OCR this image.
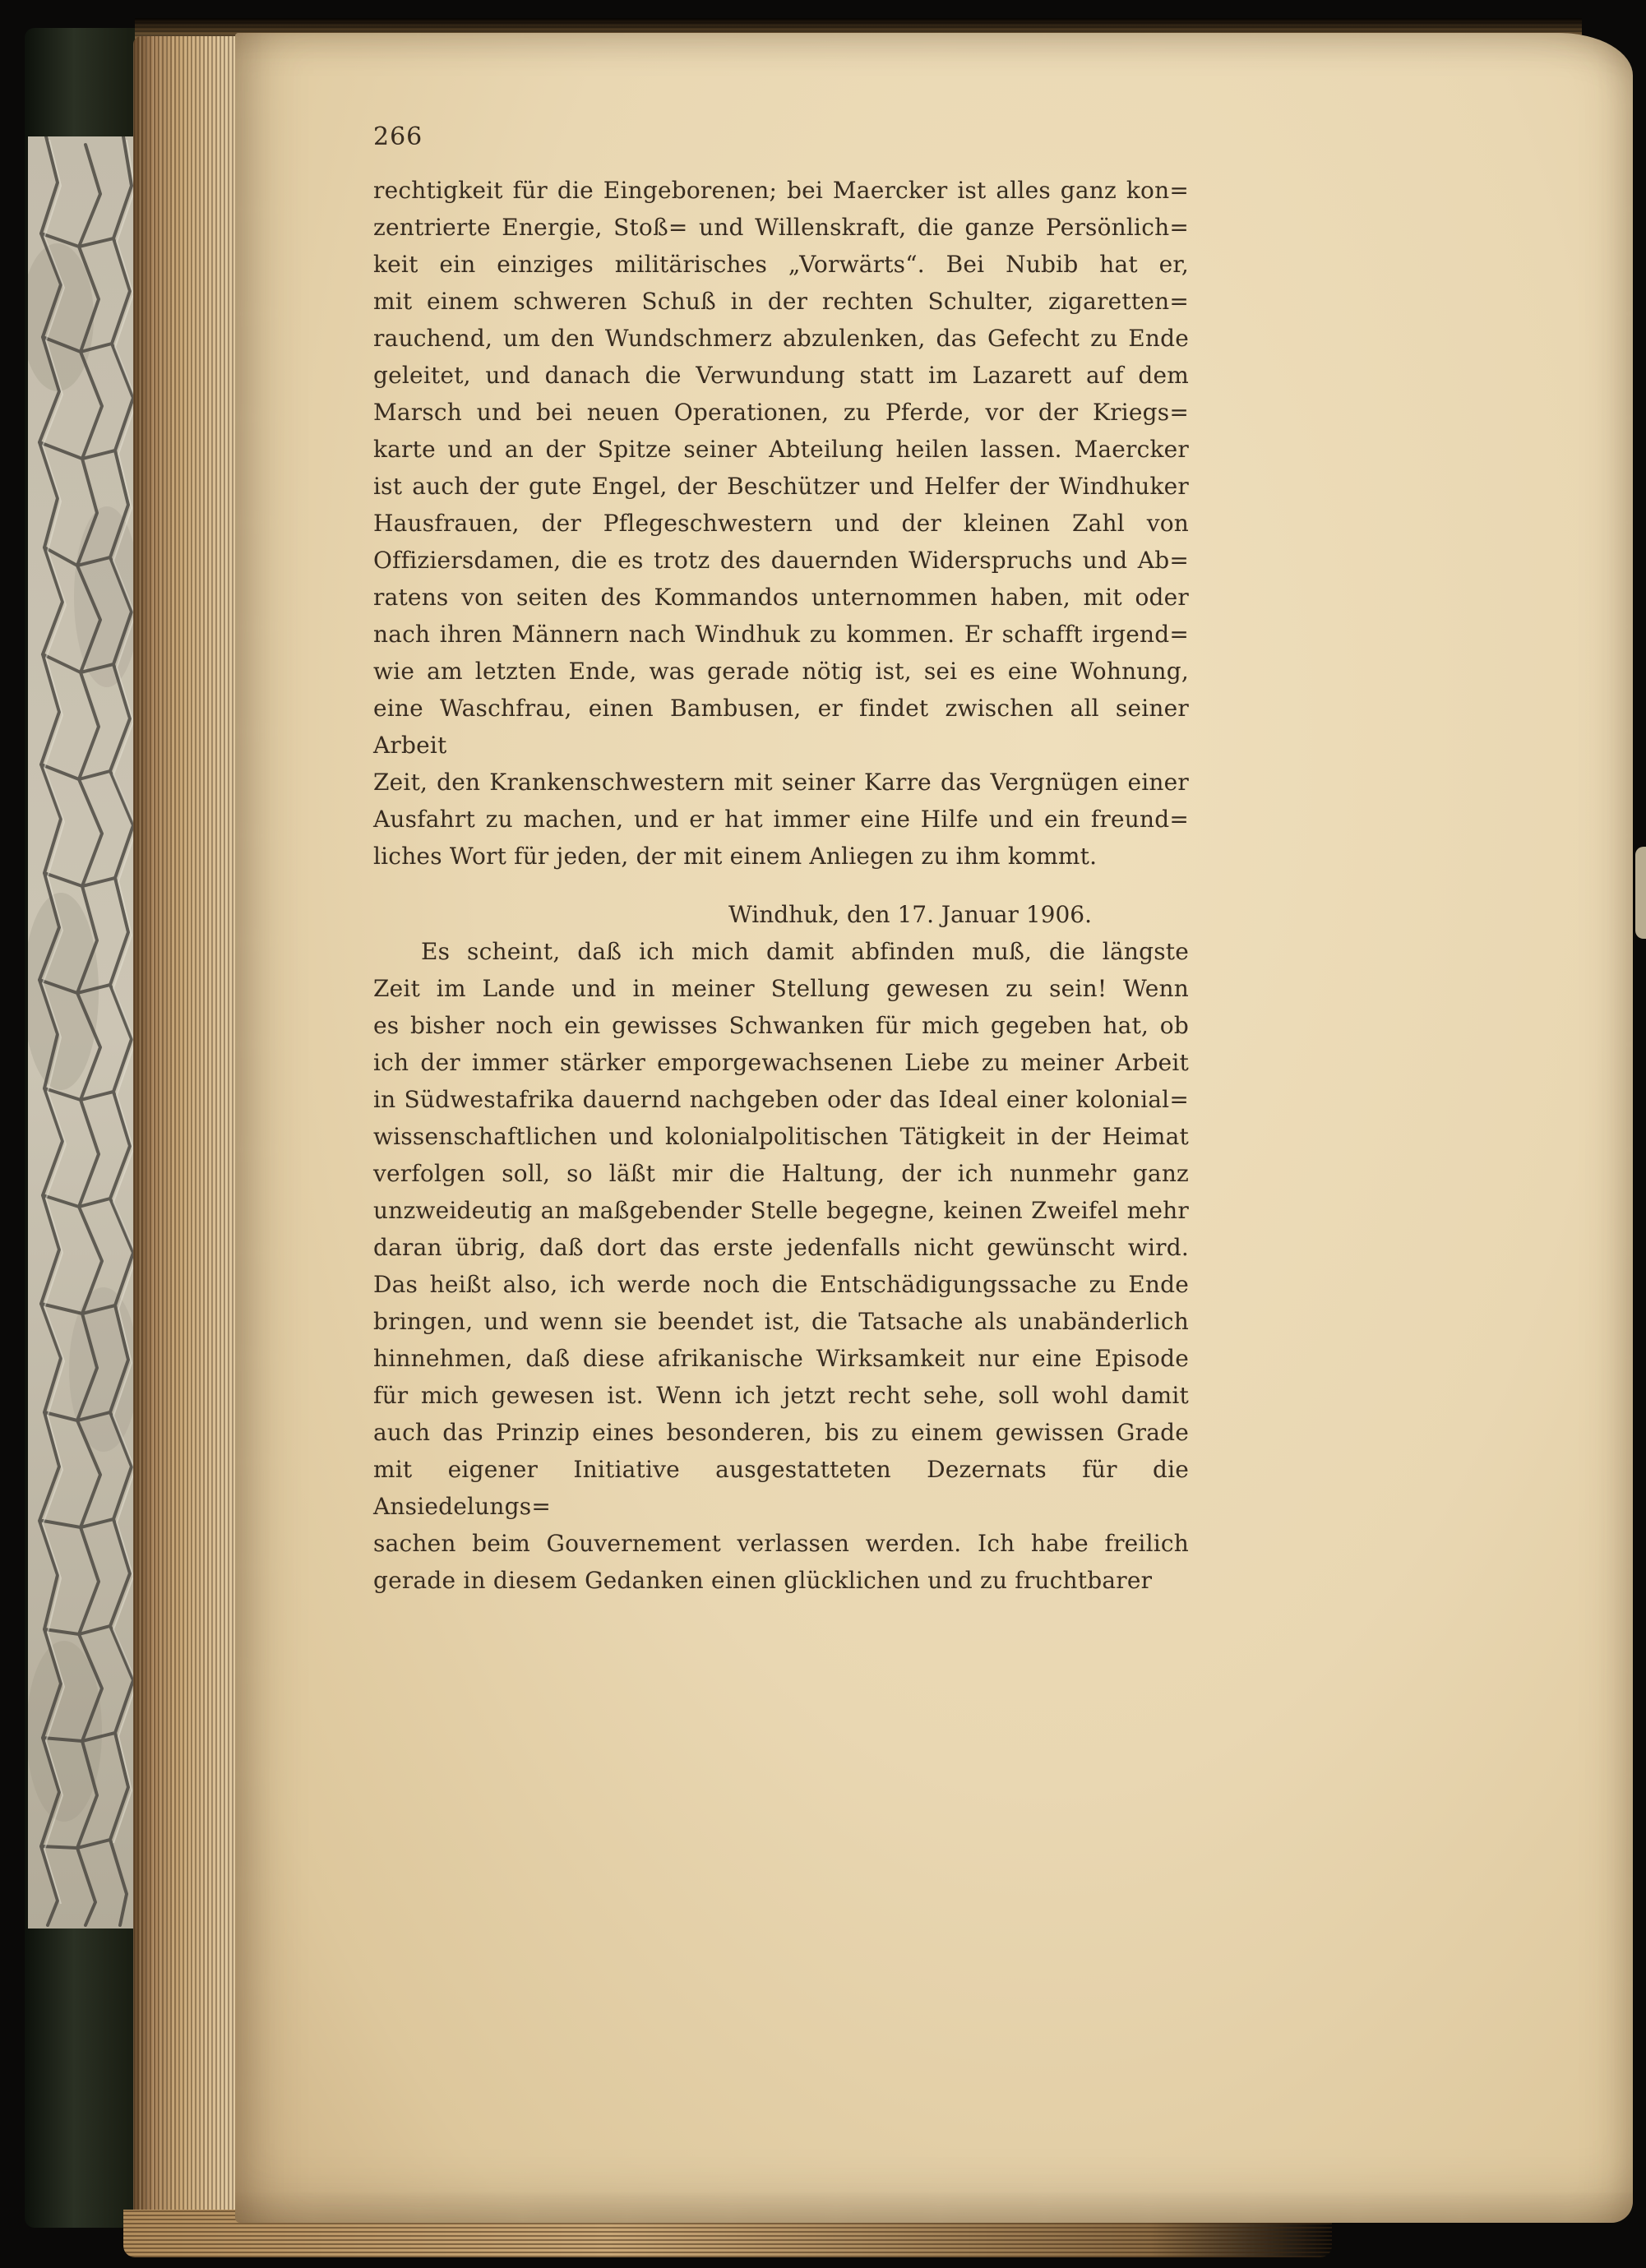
266
rechtigkeit für die Eingeborenen; bei Maercker ist alles ganz kon=
zentrierte Energie, Stoß= und Willenskraft, die ganze Persönlich=
keit ein einziges militärisches „Vorwärts“. Bei Nubib hat er,
mit einem schweren Schuß in der rechten Schulter, zigaretten=
rauchend, um den Wundschmerz abzulenken, das Gefecht zu Ende
geleitet, und danach die Verwundung statt im Lazarett auf dem
Marsch und bei neuen Operationen, zu Pferde, vor der Kriegs=
karte und an der Spitze seiner Abteilung heilen lassen. Maercker
ist auch der gute Engel, der Beschützer und Helfer der Windhuker
Hausfrauen, der Pflegeschwestern und der kleinen Zahl von
Offiziersdamen, die es trotz des dauernden Widerspruchs und Ab=
ratens von seiten des Kommandos unternommen haben, mit oder
nach ihren Männern nach Windhuk zu kommen. Er schafft irgend=
wie am letzten Ende, was gerade nötig ist, sei es eine Wohnung,
eine Waschfrau, einen Bambusen, er findet zwischen all seiner Arbeit
Zeit, den Krankenschwestern mit seiner Karre das Vergnügen einer
Ausfahrt zu machen, und er hat immer eine Hilfe und ein freund=
liches Wort für jeden, der mit einem Anliegen zu ihm kommt.
Windhuk, den 17. Januar 1906.
Es scheint, daß ich mich damit abfinden muß, die längste
Zeit im Lande und in meiner Stellung gewesen zu sein! Wenn
es bisher noch ein gewisses Schwanken für mich gegeben hat, ob
ich der immer stärker emporgewachsenen Liebe zu meiner Arbeit
in Südwestafrika dauernd nachgeben oder das Ideal einer kolonial=
wissenschaftlichen und kolonialpolitischen Tätigkeit in der Heimat
verfolgen soll, so läßt mir die Haltung, der ich nunmehr ganz
unzweideutig an maßgebender Stelle begegne, keinen Zweifel mehr
daran übrig, daß dort das erste jedenfalls nicht gewünscht wird.
Das heißt also, ich werde noch die Entschädigungssache zu Ende
bringen, und wenn sie beendet ist, die Tatsache als unabänderlich
hinnehmen, daß diese afrikanische Wirksamkeit nur eine Episode
für mich gewesen ist. Wenn ich jetzt recht sehe, soll wohl damit
auch das Prinzip eines besonderen, bis zu einem gewissen Grade
mit eigener Initiative ausgestatteten Dezernats für die Ansiedelungs=
sachen beim Gouvernement verlassen werden. Ich habe freilich
gerade in diesem Gedanken einen glücklichen und zu fruchtbarer
